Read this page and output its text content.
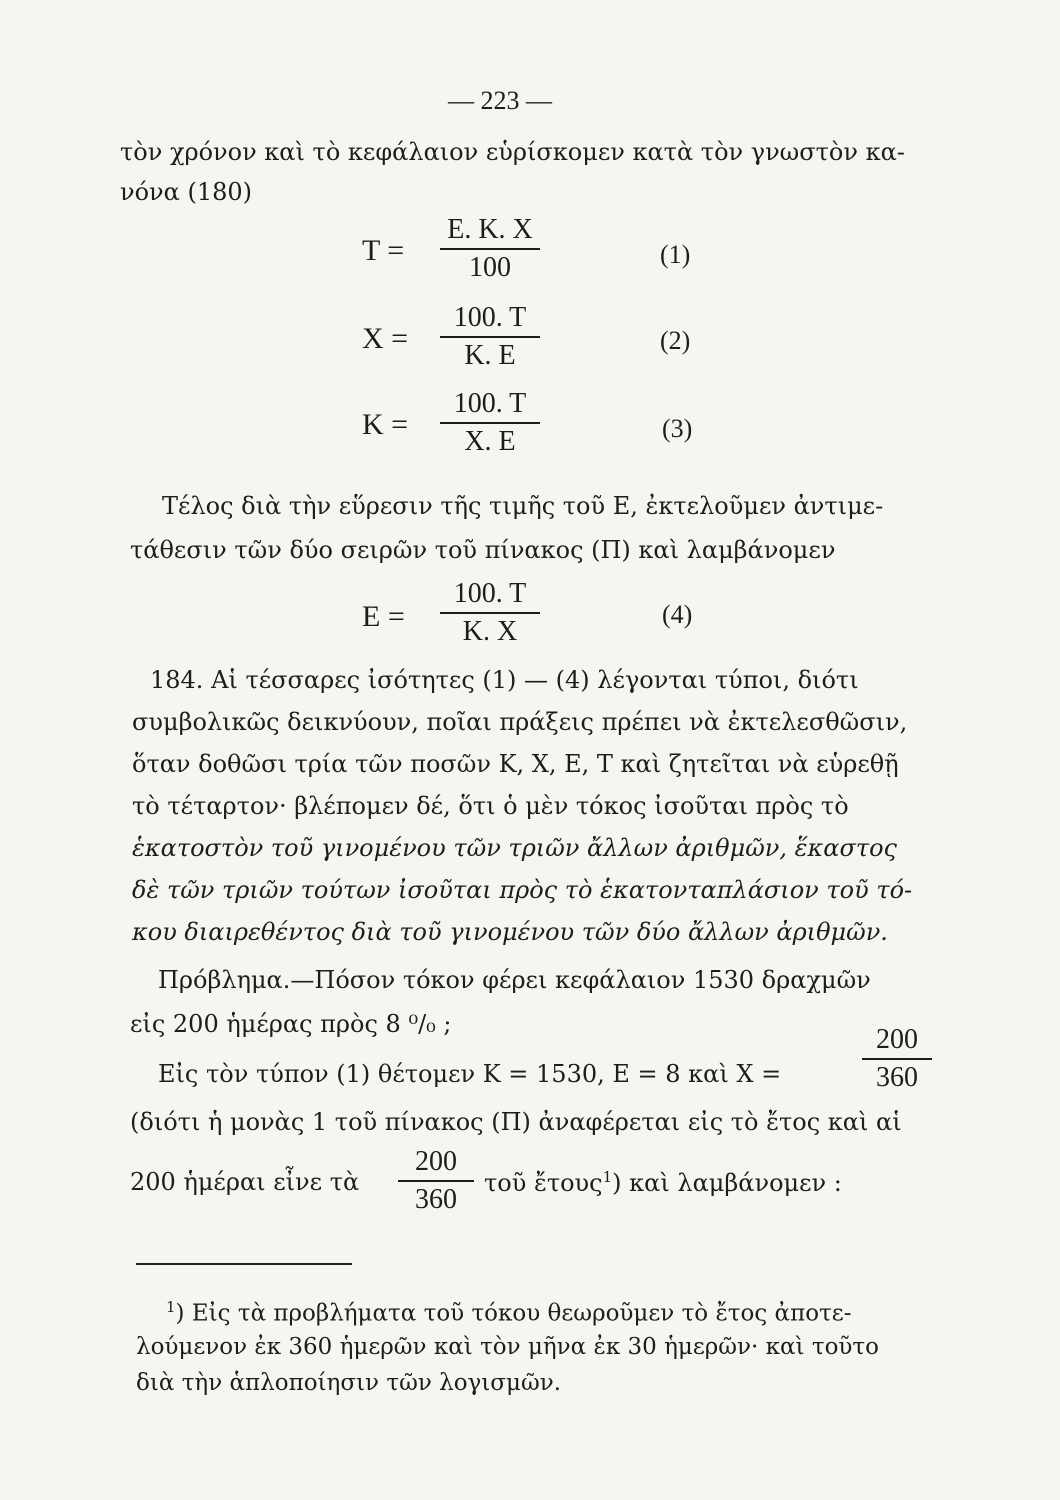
— 223 —
τὸν χρόνον καὶ τὸ κεφάλαιον εὑρίσκομεν κατὰ τὸν γνωστὸν κα-
νόνα (180)
T =
E. K. X
100	(1)
X =
100. T
K. E	(2)
K =
100. T
X. E	(3)
Τέλος διὰ τὴν εὕρεσιν τῆς τιμῆς τοῦ E, ἐκτελοῦμεν ἀντιμε-
τάθεσιν τῶν δύο σειρῶν τοῦ πίνακος (Π) καὶ λαμβάνομεν
E =
100. T
K. X
(4)
184. Αἱ τέσσαρες ἰσότητες (1) — (4) λέγονται τύποι, διότι
συμβολικῶς δεικνύουν, ποῖαι πράξεις πρέπει νὰ ἐκτελεσθῶσιν,
ὅταν δοθῶσι τρία τῶν ποσῶν K, X, E, T καὶ ζητεῖται νὰ εὑρεθῇ
τὸ τέταρτον· βλέπομεν δέ, ὅτι ὁ μὲν τόκος ἰσοῦται πρὸς τὸ
ἑκατοστὸν τοῦ γινομένου τῶν τριῶν ἄλλων ἀριθμῶν, ἕκαστος
δὲ τῶν τριῶν τούτων ἰσοῦται πρὸς τὸ ἑκατονταπλάσιον τοῦ τό-
κου διαιρεθέντος διὰ τοῦ γινομένου τῶν δύο ἄλλων ἀριθμῶν.
Πρόβλημα.—Πόσον τόκον φέρει κεφάλαιον 1530 δραχμῶν
εἰς 200 ἡμέρας πρὸς 8 ⁰/₀ ;
Εἰς τὸν τύπον (1) θέτομεν K = 1530, E = 8 καὶ X =
200
360
(διότι ἡ μονὰς 1 τοῦ πίνακος (Π) ἀναφέρεται εἰς τὸ ἔτος καὶ αἱ
200 ἡμέραι εἶνε τὰ
200
360
τοῦ ἔτους$^1$) καὶ λαμβάνομεν :
$^1$) Εἰς τὰ προβλήματα τοῦ τόκου θεωροῦμεν τὸ ἔτος ἀποτε-
λούμενον ἐκ 360 ἡμερῶν καὶ τὸν μῆνα ἐκ 30 ἡμερῶν· καὶ τοῦτο
διὰ τὴν ἁπλοποίησιν τῶν λογισμῶν.
